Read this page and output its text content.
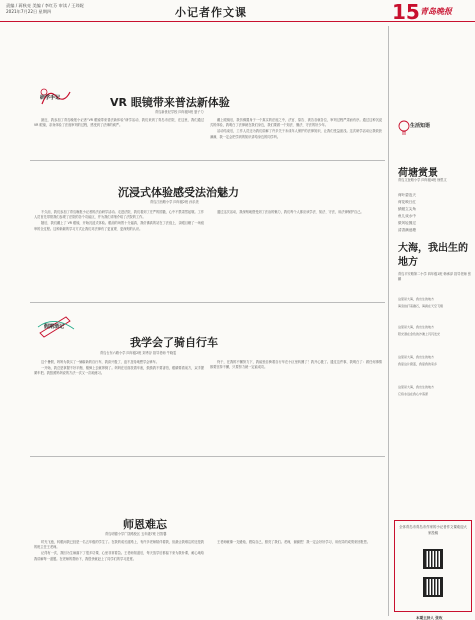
责编 / 蒋秋亮 美编 / 李红芬 审读 / 王玮妮
2021年7月22日 星期四	小记者作文课	15 青岛晚报
研学手记	VR 眼镜带来普法新体验
青岛新世纪学校 四年级5班 夏子力

最近，我参加了青岛晚报小记者“VR 眼镜带来普法新体验”研学活动，我们来到了青岛市法院，在这里，我们通过 VR 眼镜，亲身体验了法庭审判的过程，感受到了法律的威严。

戴上眼镜后，我仿佛置身于一个真实的法庭之中，法官、原告、被告各就各位，审判过程严肃而有序。通过这种沉浸式的体验，我明白了法律就在我们身边，我们要做一个知法、懂法、守法的好少年。

活动结束后，工作人员还为我们讲解了许多关于未成年人保护的法律知识，让我们受益匪浅。这次研学活动让我收获满满，我一定会把学到的知识讲给身边的同学听。

沉浸式体验感受法治魅力
青岛江西路小学 四年级2班 孙乐美

不久前，我们参加了青岛晚报小记者的法治研学活动。走进法院，我们看到了庄严的国徽，心中不禁肃然起敬。工作人员首先带领我们参观了法院的各个功能区，并为我们详细介绍了法院的工作。

随后，我们戴上了 VR 眼镜，开始沉浸式体验。眼前的场景十分逼真，我仿佛真的站在了法庭上，亲眼目睹了一场庭审的全过程。这种新颖的学习方式让我们对法律有了更直观、更深刻的认识。

通过这次活动，我深刻地感受到了法治的魅力，我们每个人都应该学法、知法、守法，用法律保护自己。

假期琐记
我学会了骑自行车
青岛台东六路小学 四年级2班 刘秀谷 指导老师 牛晓雯

这个暑假，妈妈为我买了一辆崭新的自行车，我高兴极了，迫不及待地想学会骑车。

一开始，我总是掌握不好平衡，刚骑上去就摔倒了。妈妈在后面扶着车座，鼓励我不要害怕，眼睛要看前方，双手握紧车把。我按照妈妈说的方法一次又一次地练习。

终于，在我的不懈努力下，我能独自骑着自行车在小区里转圈了！我开心极了。通过这件事，我明白了：做任何事情都要坚持不懈，只要努力就一定能成功。

师恩难忘
青岛明德小学广饶路校区 五年级7班 吕智馨

时光飞逝，转眼间我已经是一名五年级的学生了。在我的成长道路上，有许多老师陪伴着我，但最让我难忘的还是我的班主任王老师。

记得有一次，我因为生病落下了很多功课，心里非常着急。王老师知道后，每天放学后都留下来为我补课，耐心地给我讲解每一道题。在老师的帮助下，我很快就赶上了同学们的学习进度。

王老师就像一支蜡烛，燃烧自己，照亮了我们。老师，谢谢您！我一定会好好学习，用优异的成绩来回报您。

生活知语
荷塘赏景
青岛文登路小学 四年级4班 徐思文
荷叶碧连天
荷花映日红
蜻蜓立尖角
鱼儿戏水中
微风轻拂过
清香满池塘
大海，我出生的地方
青岛平安路第二小学 四年级1班 韩承泽 指导老师 张鹏
这里是大海，我出生的地方
海浪拍打着礁石，海鸥在天空飞翔
这里是大海，我出生的地方
阳光洒在金色的沙滩上闪闪发光
这里是大海，我出生的地方
我爱这片蔚蓝，我爱我的家乡
这里是大海，我出生的地方
它将永远在我心中荡漾
全体青岛市青岛市作家的小记者作文课欢迎大家投稿
本期主持人 张玫
